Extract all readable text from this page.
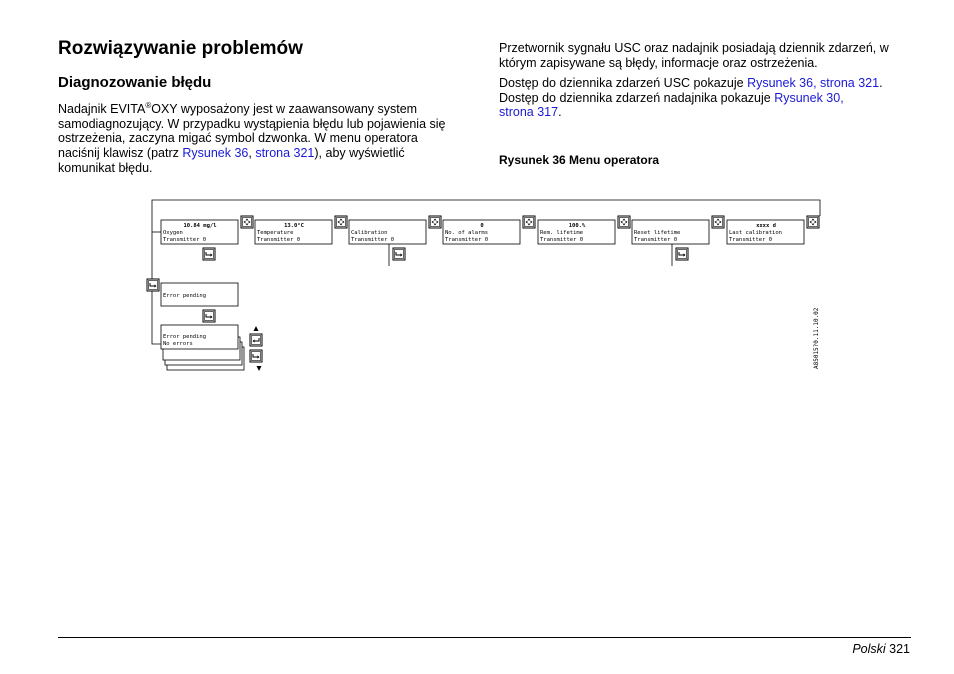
Rozwiązywanie problemów
Diagnozowanie błędu

Nadajnik EVITA®OXY wyposażony jest w zaawansowany system samodiagnozujący. W przypadku wystąpienia błędu lub pojawienia się ostrzeżenia, zaczyna migać symbol dzwonka. W menu operatora naciśnij klawisz (patrz Rysunek 36, strona 321), aby wyświetlić komunikat błędu.

Przetwornik sygnału USC oraz nadajnik posiadają dziennik zdarzeń, w którym zapisywane są błędy, informacje oraz ostrzeżenia.

Dostęp do dziennika zdarzeń USC pokazuje Rysunek 36, strona 321.
Dostęp do dziennika zdarzeń nadajnika pokazuje Rysunek 30,
strona 317.

Rysunek 36 Menu operatora
10.84 mg/l
Oxygen
Transmitter 0
13.0°C
Temperature
Transmitter 0
Calibration
Transmitter 0
0
No. of alarms
Transmitter 0
100.%
Rem. lifetime
Transmitter 0
Reset lifetime
Transmitter 0
xxxx d
Last calibration
Transmitter 0
Error pending
Error pending
No errors	A85015?0.11.10.02
Polski 321
